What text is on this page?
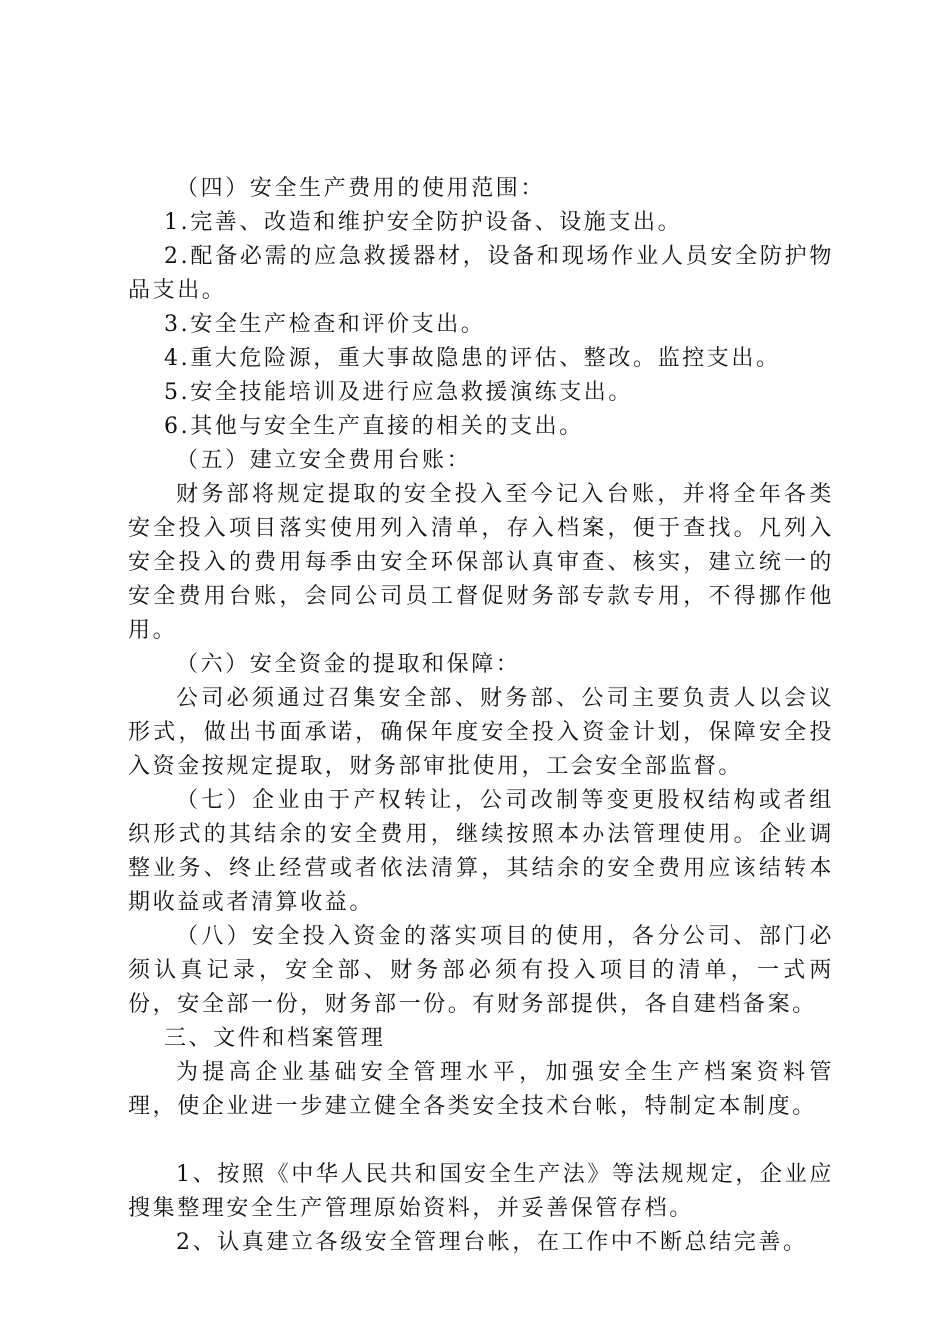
（四）安全生产费用的使用范围：

1.完善、改造和维护安全防护设备、设施支出。

2.配备必需的应急救援器材，设备和现场作业人员安全防护物品支出。

3.安全生产检查和评价支出。

4.重大危险源，重大事故隐患的评估、整改。监控支出。

5.安全技能培训及进行应急救援演练支出。

6.其他与安全生产直接的相关的支出。

（五）建立安全费用台账：

财务部将规定提取的安全投入至今记入台账，并将全年各类安全投入项目落实使用列入清单，存入档案，便于查找。凡列入安全投入的费用每季由安全环保部认真审查、核实，建立统一的安全费用台账，会同公司员工督促财务部专款专用，不得挪作他用。

（六）安全资金的提取和保障：

公司必须通过召集安全部、财务部、公司主要负责人以会议形式，做出书面承诺，确保年度安全投入资金计划，保障安全投入资金按规定提取，财务部审批使用，工会安全部监督。

（七）企业由于产权转让，公司改制等变更股权结构或者组织形式的其结余的安全费用，继续按照本办法管理使用。企业调整业务、终止经营或者依法清算，其结余的安全费用应该结转本期收益或者清算收益。

（八）安全投入资金的落实项目的使用，各分公司、部门必须认真记录，安全部、财务部必须有投入项目的清单，一式两份，安全部一份，财务部一份。有财务部提供，各自建档备案。

三、文件和档案管理

为提高企业基础安全管理水平，加强安全生产档案资料管理，使企业进一步建立健全各类安全技术台帐，特制定本制度。

1、按照《中华人民共和国安全生产法》等法规规定，企业应搜集整理安全生产管理原始资料，并妥善保管存档。

2、认真建立各级安全管理台帐，在工作中不断总结完善。
